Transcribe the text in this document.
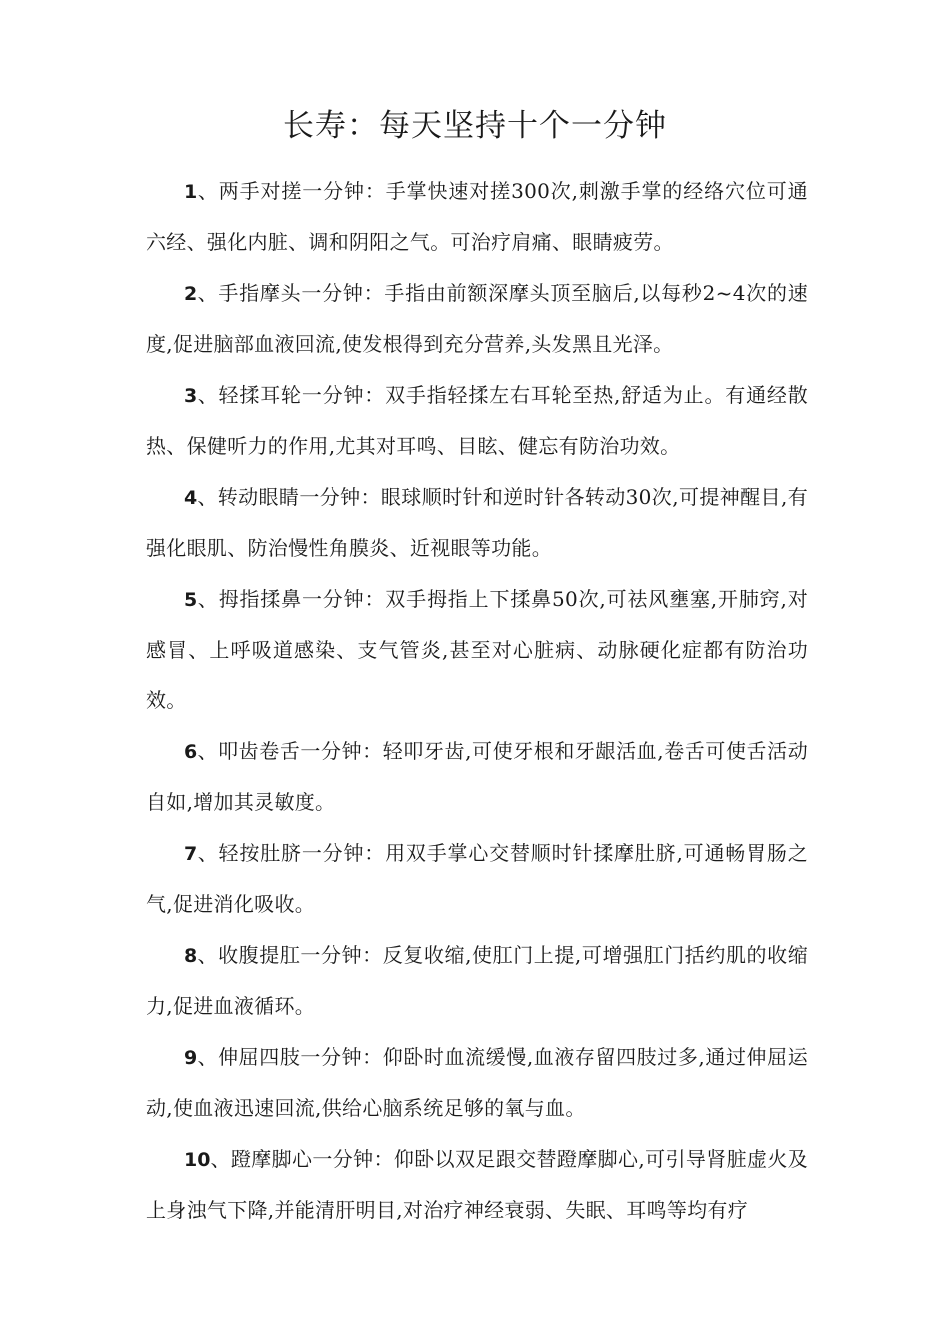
长寿：每天坚持十个一分钟

1、两手对搓一分钟：手掌快速对搓300次,刺激手掌的经络穴位可通六经、强化内脏、调和阴阳之气。可治疗肩痛、眼睛疲劳。

2、手指摩头一分钟：手指由前额深摩头顶至脑后,以每秒2~4次的速度,促进脑部血液回流,使发根得到充分营养,头发黑且光泽。

3、轻揉耳轮一分钟：双手指轻揉左右耳轮至热,舒适为止。有通经散热、保健听力的作用,尤其对耳鸣、目眩、健忘有防治功效。

4、转动眼睛一分钟：眼球顺时针和逆时针各转动30次,可提神醒目,有强化眼肌、防治慢性角膜炎、近视眼等功能。

5、拇指揉鼻一分钟：双手拇指上下揉鼻50次,可祛风壅塞,开肺窍,对感冒、上呼吸道感染、支气管炎,甚至对心脏病、动脉硬化症都有防治功效。

6、叩齿卷舌一分钟：轻叩牙齿,可使牙根和牙龈活血,卷舌可使舌活动自如,增加其灵敏度。

7、轻按肚脐一分钟：用双手掌心交替顺时针揉摩肚脐,可通畅胃肠之气,促进消化吸收。

8、收腹提肛一分钟：反复收缩,使肛门上提,可增强肛门括约肌的收缩力,促进血液循环。

9、伸屈四肢一分钟：仰卧时血流缓慢,血液存留四肢过多,通过伸屈运动,使血液迅速回流,供给心脑系统足够的氧与血。

10、蹬摩脚心一分钟：仰卧以双足跟交替蹬摩脚心,可引导肾脏虚火及上身浊气下降,并能清肝明目,对治疗神经衰弱、失眠、耳鸣等均有疗
